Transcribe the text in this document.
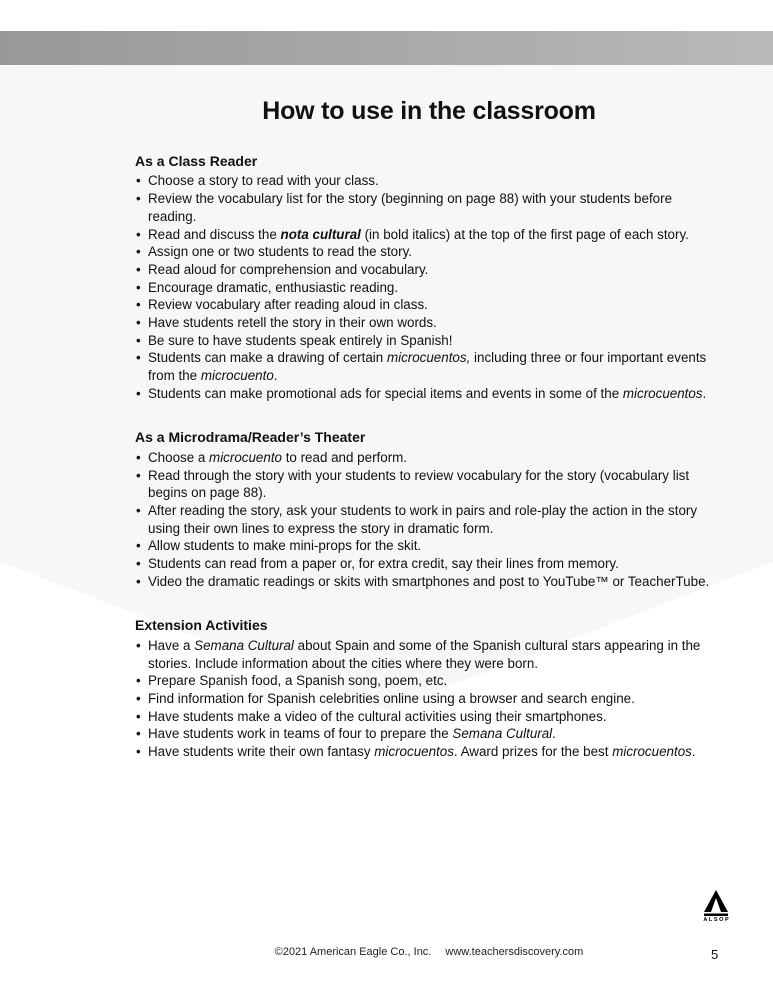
How to use in the classroom
As a Class Reader
• Choose a story to read with your class.
• Review the vocabulary list for the story (beginning on page 88) with your students before reading.
• Read and discuss the nota cultural (in bold italics) at the top of the first page of each story.
• Assign one or two students to read the story.
• Read aloud for comprehension and vocabulary.
• Encourage dramatic, enthusiastic reading.
• Review vocabulary after reading aloud in class.
• Have students retell the story in their own words.
• Be sure to have students speak entirely in Spanish!
• Students can make a drawing of certain microcuentos, including three or four important events from the microcuento.
• Students can make promotional ads for special items and events in some of the microcuentos.
As a Microdrama/Reader’s Theater
• Choose a microcuento to read and perform.
• Read through the story with your students to review vocabulary for the story (vocabulary list begins on page 88).
• After reading the story, ask your students to work in pairs and role-play the action in the story using their own lines to express the story in dramatic form.
• Allow students to make mini-props for the skit.
• Students can read from a paper or, for extra credit, say their lines from memory.
• Video the dramatic readings or skits with smartphones and post to YouTube™ or TeacherTube.
Extension Activities
• Have a Semana Cultural about Spain and some of the Spanish cultural stars appearing in the stories. Include information about the cities where they were born.
• Prepare Spanish food, a Spanish song, poem, etc.
• Find information for Spanish celebrities online using a browser and search engine.
• Have students make a video of the cultural activities using their smartphones.
• Have students work in teams of four to prepare the Semana Cultural.
• Have students write their own fantasy microcuentos. Award prizes for the best microcuentos.
©2021 American Eagle Co., Inc. www.teachersdiscovery.com
ALSOP
5
